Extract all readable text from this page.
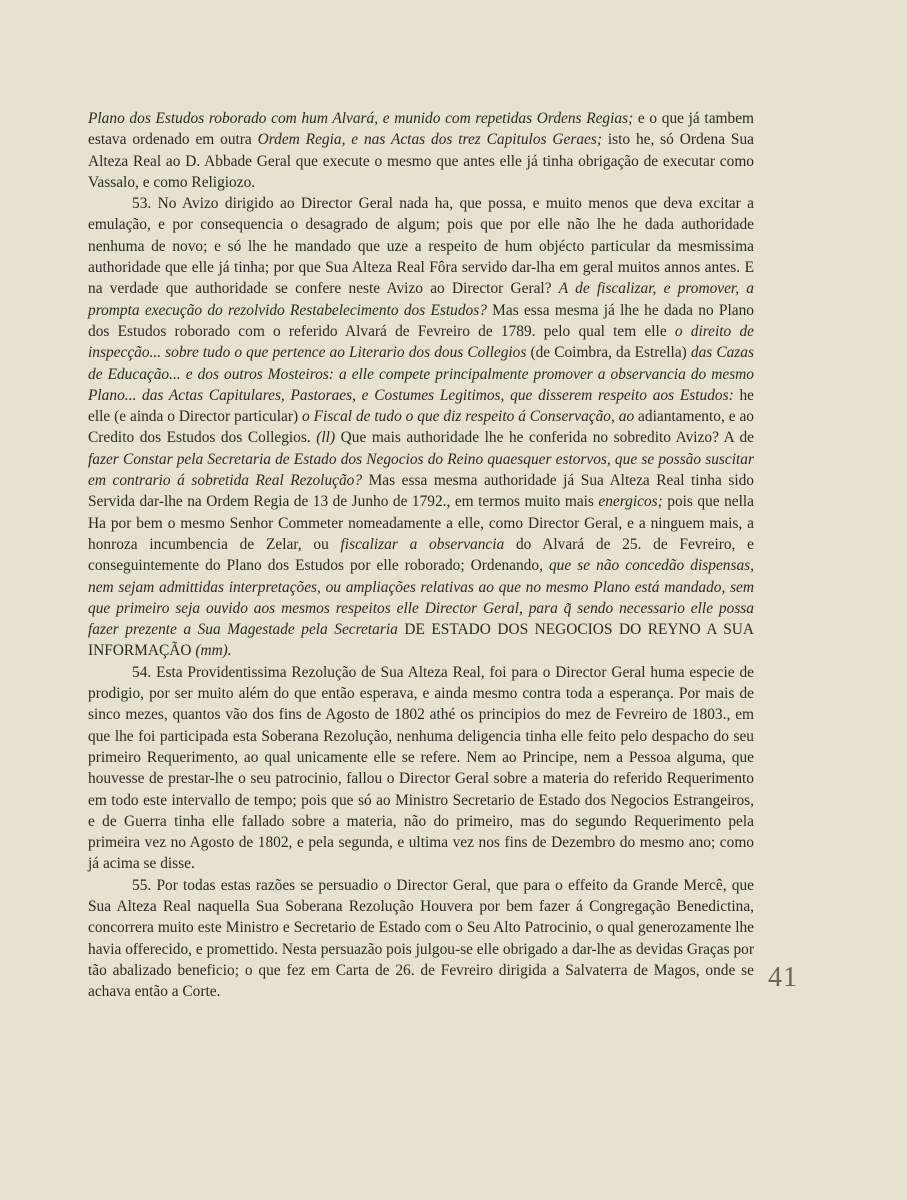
Plano dos Estudos roborado com hum Alvará, e munido com repetidas Ordens Regias; e o que já tambem estava ordenado em outra Ordem Regia, e nas Actas dos trez Capitulos Geraes; isto he, só Ordena Sua Alteza Real ao D. Abbade Geral que execute o mesmo que antes elle já tinha obrigação de executar como Vassalo, e como Religiozo.

53. No Avizo dirigido ao Director Geral nada ha, que possa, e muito menos que deva excitar a emulação, e por consequencia o desagrado de algum; pois que por elle não lhe he dada authoridade nenhuma de novo; e só lhe he mandado que uze a respeito de hum objécto particular da mesmissima authoridade que elle já tinha; por que Sua Alteza Real Fôra servido dar-lha em geral muitos annos antes. E na verdade que authoridade se confere neste Avizo ao Director Geral? A de fiscalizar, e promover, a prompta execução do rezolvido Restabelecimento dos Estudos? Mas essa mesma já lhe he dada no Plano dos Estudos roborado com o referido Alvará de Fevreiro de 1789. pelo qual tem elle o direito de inspecção... sobre tudo o que pertence ao Literario dos dous Collegios (de Coimbra, da Estrella) das Cazas de Educação... e dos outros Mosteiros: a elle compete principalmente promover a observancia do mesmo Plano... das Actas Capitulares, Pastoraes, e Costumes Legitimos, que disserem respeito aos Estudos: he elle (e ainda o Director particular) o Fiscal de tudo o que diz respeito á Conservação, ao adiantamento, e ao Credito dos Estudos dos Collegios. (ll) Que mais authoridade lhe he conferida no sobredito Avizo? A de fazer Constar pela Secretaria de Estado dos Negocios do Reino quaesquer estorvos, que se possão suscitar em contrario á sobretida Real Rezolução? Mas essa mesma authoridade já Sua Alteza Real tinha sido Servida dar-lhe na Ordem Regia de 13 de Junho de 1792., em termos muito mais energicos; pois que nella Ha por bem o mesmo Senhor Commeter nomeadamente a elle, como Director Geral, e a ninguem mais, a honroza incumbencia de Zelar, ou fiscalizar a observancia do Alvará de 25. de Fevreiro, e conseguintemente do Plano dos Estudos por elle roborado; Ordenando, que se não concedão dispensas, nem sejam admittidas interpretações, ou ampliações relativas ao que no mesmo Plano está mandado, sem que primeiro seja ouvido aos mesmos respeitos elle Director Geral, para q̃ sendo necessario elle possa fazer prezente a Sua Magestade pela Secretaria DE ESTADO DOS NEGOCIOS DO REYNO A SUA INFORMAÇÃO (mm).

54. Esta Providentissima Rezolução de Sua Alteza Real, foi para o Director Geral huma especie de prodigio, por ser muito além do que então esperava, e ainda mesmo contra toda a esperança. Por mais de sinco mezes, quantos vão dos fins de Agosto de 1802 athé os principios do mez de Fevreiro de 1803., em que lhe foi participada esta Soberana Rezolução, nenhuma deligencia tinha elle feito pelo despacho do seu primeiro Requerimento, ao qual unicamente elle se refere. Nem ao Principe, nem a Pessoa alguma, que houvesse de prestar-lhe o seu patrocinio, fallou o Director Geral sobre a materia do referido Requerimento em todo este intervallo de tempo; pois que só ao Ministro Secretario de Estado dos Negocios Estrangeiros, e de Guerra tinha elle fallado sobre a materia, não do primeiro, mas do segundo Requerimento pela primeira vez no Agosto de 1802, e pela segunda, e ultima vez nos fins de Dezembro do mesmo ano; como já acima se disse.

55. Por todas estas razões se persuadio o Director Geral, que para o effeito da Grande Mercê, que Sua Alteza Real naquella Sua Soberana Rezolução Houvera por bem fazer á Congregação Benedictina, concorrera muito este Ministro e Secretario de Estado com o Seu Alto Patrocinio, o qual generozamente lhe havia offerecido, e promettido. Nesta persuazão pois julgou-se elle obrigado a dar-lhe as devidas Graças por tão abalizado beneficio; o que fez em Carta de 26. de Fevreiro dirigida a Salvaterra de Magos, onde se achava então a Corte.	41
